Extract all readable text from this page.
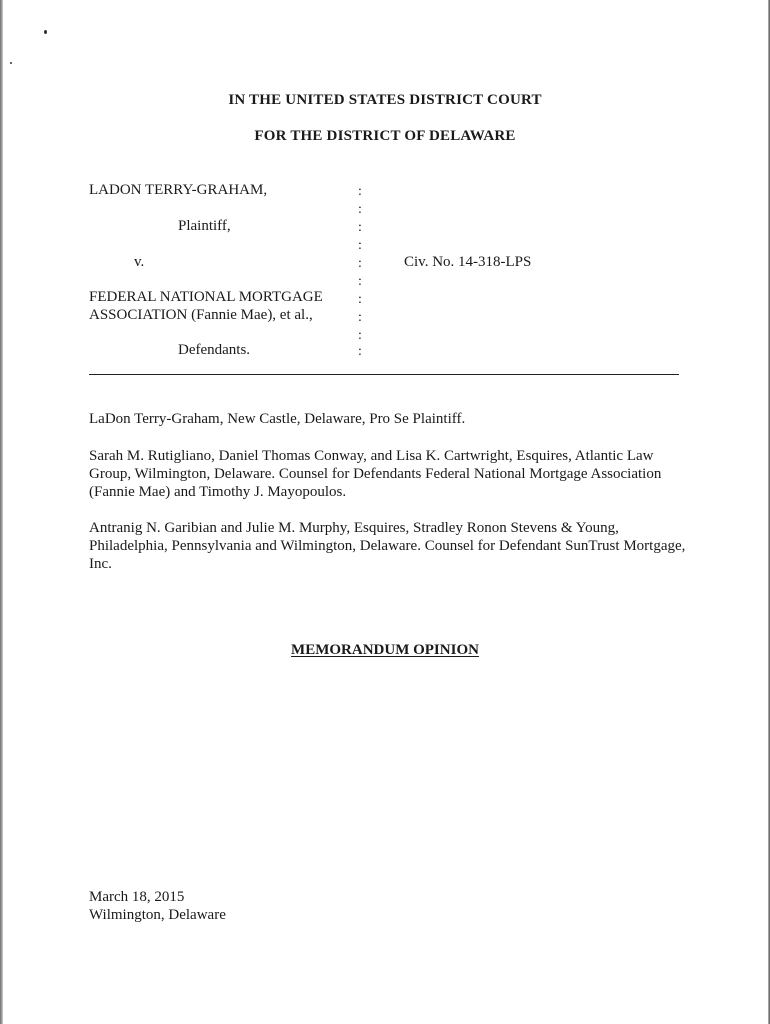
IN THE UNITED STATES DISTRICT COURT
FOR THE DISTRICT OF DELAWARE
LADON TERRY-GRAHAM,
Plaintiff,
v.
FEDERAL NATIONAL MORTGAGE
ASSOCIATION (Fannie Mae), et al.,
Defendants.
Civ. No. 14-318-LPS
:
:
:
:
:
:
:
:
:
:
LaDon Terry-Graham, New Castle, Delaware, Pro Se Plaintiff.
Sarah M. Rutigliano, Daniel Thomas Conway, and Lisa K. Cartwright, Esquires, Atlantic Law
Group, Wilmington, Delaware. Counsel for Defendants Federal National Mortgage Association
(Fannie Mae) and Timothy J. Mayopoulos.
Antranig N. Garibian and Julie M. Murphy, Esquires, Stradley Ronon Stevens & Young,
Philadelphia, Pennsylvania and Wilmington, Delaware. Counsel for Defendant SunTrust Mortgage,
Inc.
MEMORANDUM OPINION
March 18, 2015
Wilmington, Delaware
